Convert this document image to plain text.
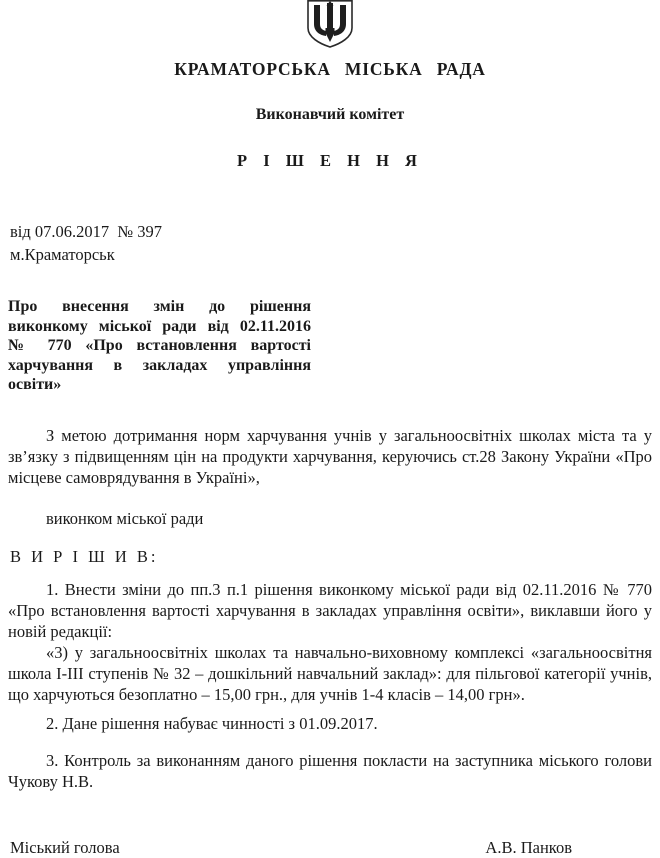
КРАМАТОРСЬКА МІСЬКА РАДА
Виконавчий комітет
Р І Ш Е Н Н Я
від 07.06.2017  № 397
м.Краматорськ
Про внесення змін до рішення
виконкому міської ради від 02.11.2016
№ 770 «Про встановлення вартості
харчування в закладах управління
освіти»

З метою дотримання норм харчування учнів у загальноосвітніх школах міста та у зв’язку з підвищенням цін на продукти харчування, керуючись ст.28 Закону України «Про місцеве самоврядування в Україні»,

виконком міської ради

В И Р І Ш И В:

1. Внести зміни до пп.3 п.1 рішення виконкому міської ради від 02.11.2016 № 770 «Про встановлення вартості харчування в закладах управління освіти», виклавши його у новій редакції:

«3) у загальноосвітніх школах та навчально-виховному комплексі «загальноосвітня школа І-ІІІ ступенів № 32 – дошкільний навчальний заклад»: для пільгової категорії учнів, що харчуються безоплатно – 15,00 грн., для учнів 1-4 класів – 14,00 грн».

2. Дане рішення набуває чинності з 01.09.2017.

3. Контроль за виконанням даного рішення покласти на заступника міського голови Чукову Н.В.

Міський голова	А.В. Панков
